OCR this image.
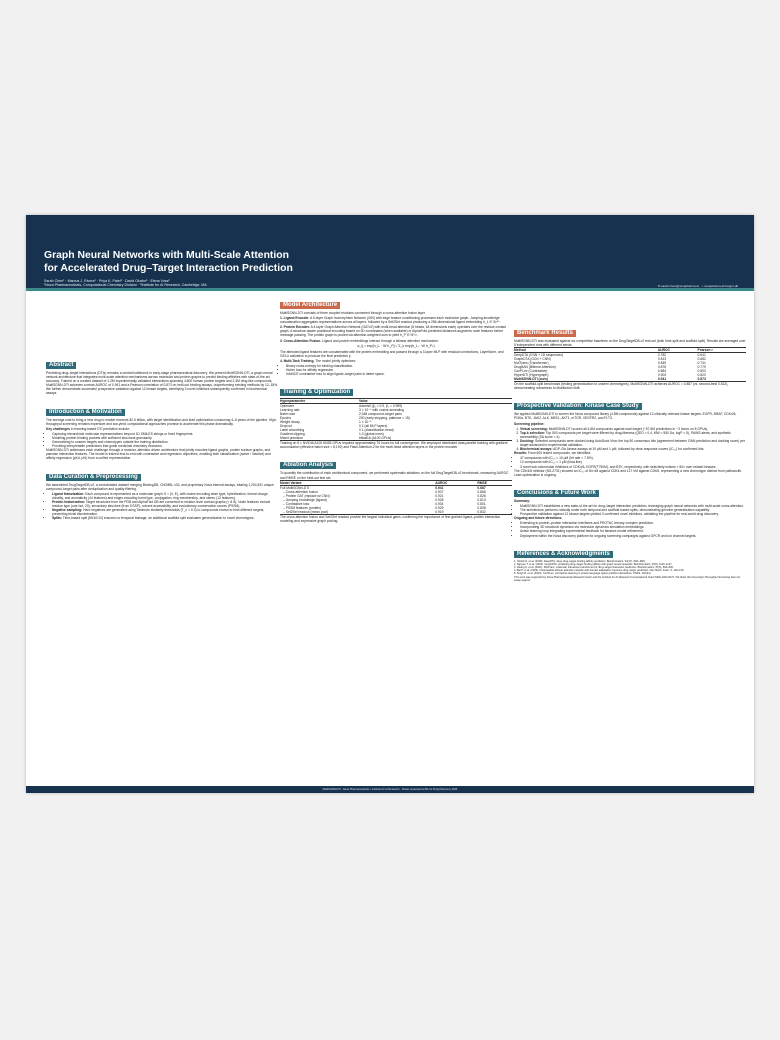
Graph Neural Networks with Multi-Scale Attention
for Accelerated Drug–Target Interaction Prediction
Sarah Chen¹ · Marcus J. Rivera¹ · Priya K. Patel² · David Okafor¹ · Elena Voss²
¹Nova Pharmaceuticals, Computational Chemistry Division · ²Institute for AI Research, Cambridge, MA	✉ sarah.chen@novapharma.ai · ⌂ novapharma.ai/msgnn-dti
Abstract
Predicting drug–target interactions (DTIs) remains a central bottleneck in early-stage pharmaceutical discovery. We present MultiSGNN-DTI, a graph neural network architecture that integrates multi-scale attention mechanisms across molecular and protein graphs to predict binding affinities with state-of-the-art accuracy. Trained on a curated dataset of 1.2M experimentally validated interactions spanning 4,800 human protein targets and 2.3M drug-like compounds, MultiSGNN-DTI achieves a mean AUROC of 0.941 and a Pearson correlation of 0.873 on held-out binding assays, outperforming existing methods by 12–18%. We further demonstrate successful prospective validation against 12 kinase targets, identifying 3 novel inhibitors subsequently confirmed in biochemical assays.
Introduction & Motivation

The average cost to bring a new drug to market exceeds $2.6 billion, with target identification and lead optimization consuming 4–6 years of the pipeline. High-throughput screening remains expensive and low-yield; computational approaches promise to accelerate this phase dramatically.

Key challenges in learning-based DTI prediction include:

• Capturing hierarchical molecular representations beyond 1D SMILES strings or fixed fingerprints.
• Modeling protein binding pockets with sufficient structural granularity.
• Generalizing to unseen targets and chemotypes outside the training distribution.
• Providing interpretable predictions that guide medicinal chemistry decisions.

MultiSGNN-DTI addresses each challenge through a modular, attention-driven architecture that jointly encodes ligand graphs, protein surface graphs, and pairwise interaction features. The model is trained end-to-end with contrastive and regression objectives, enabling both classification (active / inactive) and affinity regression (pKd, pKi) from a unified representation.

Data Curation & Preprocessing

We assembled DrugTargetDB-v2, a consolidated dataset merging BindingDB, ChEMBL v33, and proprietary Nova internal assays, totaling 1,204,531 unique compound–target pairs after deduplication and quality filtering.

• Ligand featurization: Each compound is represented as a molecular graph G = (V, E), with nodes encoding atom type, hybridization, formal charge, chirality, and aromaticity (44 features) and edges encoding bond type, conjugation, ring membership, and stereo (12 features).
• Protein featurization: Target structures from the PDB and AlphaFold DB are converted to residue-level contact graphs (< 8 Å). Node features include residue type (one-hot, 20), secondary structure (from DSSP), solvent accessibility, and evolutionary conservation scores (PSSM).
• Negative sampling: Hard negatives are generated using Tanimoto similarity thresholds (T_c < 0.3) to compounds known to bind different targets, preventing trivial discrimination.
• Splits: Time-based split (80/10/10) ensures no temporal leakage; an additional scaffold split evaluates generalization to novel chemotypes.
Model Architecture

MultiSGNN-DTI consists of three coupled modules connected through a cross-attention fusion layer.

1. Ligand Encoder. A 6-layer Graph Isomorphism Network (GIN) with edge-feature conditioning processes each molecular graph. Jumping-knowledge concatenation aggregates representations across all layers, followed by a Set2Set readout producing a 256-dimensional ligand embedding h_L ∈ ℝ²⁵⁶.

2. Protein Encoder. A 4-layer Graph Attention Network (GATv2) with multi-head attention (8 heads, 64 dimensions each) operates over the residue contact graph. A structure-aware positional encoding based on 3D coordinates (when available) or AlphaFold-predicted distances augments node features before message passing. The protein graph is pooled via attention-weighted sum to yield h_P ∈ ℝ⁵¹².

3. Cross-Attention Fusion. Ligand and protein embeddings interact through a bilinear attention mechanism:

α_ij = exp(h_Lᵢ · W h_Pⱼ) / Σ_k exp(h_Lᵢ · W h_Pₖ)

The attended ligand features are concatenated with the protein embedding and passed through a 3-layer MLP with residual connections, LayerNorm, and GELU activation to produce the final prediction ŷ.

4. Multi-Task Training. The model jointly optimizes:

• Binary cross-entropy for binding classification.
• Huber loss for affinity regression.
• InfoNCE contrastive loss to align ligand–target pairs in latent space.
Training & Optimization
Hyperparameter	Value
Optimizer	AdamW (β₁ = 0.9, β₂ = 0.999)
Learning rate	3 × 10⁻⁴ with cosine annealing
Batch size	2,048 compound–target pairs
Epochs	200 (early stopping, patience = 15)
Weight decay	1 × 10⁻⁵
Dropout	0.2 (all MLP layers)
Label smoothing	0.1 (classification head)
Gradient clipping	1.0 (global norm)
Mixed precision	bfloat16 (A100 GPUs)
Training on 8 × NVIDIA A100 80GB GPUs required approximately 76 hours for full convergence. We employed distributed data-parallel training with gradient accumulation (effective batch size = 8,192) and Flash Attention-2 for the multi-head attention layers in the protein encoder.
Ablation Analysis
To quantify the contribution of each architectural component, we performed systematic ablations on the full DrugTargetDB-v2 benchmark, measuring AUROC and RMSE on the held-out test set.
Model Variant	AUROC	RMSE
Full MultiSGNN-DTI	0.941	0.687
– Cross-attention fusion	0.907	0.868
– Protein GAT (replace w/ CNN)	0.921	0.826
– Jumping knowledge (ligand)	0.928	0.813
– Contrastive loss	0.934	0.801
– PSSM features (protein)	0.929	0.808
– Set2Set readout (mean pool)	0.919	0.832
The cross-attention fusion and Set2Set readout provide the largest individual gains, confirming the importance of fine-grained ligand–protein interaction modeling and expressive graph pooling.
Benchmark Results
MultiSGNN-DTI was evaluated against six competitive baselines on the DrugTargetDB-v2 test set (both time-split and scaffold-split). Results are averaged over 5 independent runs with different seeds.
Method	AUROC	Pearson r
DeepDTA (CNN + 1D sequences)	0.782	0.641
GraphDTA (GCN + CNN)	0.813	0.682
MolTrans (Transformer)	0.849	0.741
DrugBAN (Bilinear Attention)	0.876	0.779
ConPLex (Contrastive)	0.884	0.803
HyperDTI (Hypergraph)	0.903	0.820
MultiSGNN-DTI (ours)	0.941	0.873
On the scaffold-split benchmark (testing generalization to unseen chemotypes), MultiSGNN-DTI achieves AUROC = 0.887 (vs. second-best 0.812), demonstrating robustness to distribution shift.
Prospective Validation: Kinase Case Study

We applied MultiSGNN-DTI to screen the Nova compound library (4.8M compounds) against 12 clinically relevant kinase targets: EGFR, BRAF, CDK4/6, PI3Kα, BTK, JAK2, ALK, MEK1, AKT1, mTOR, VEGFR2, and FLT3.

Screening pipeline:

1. Virtual screening: MultiSGNN-DTI scored all 4.8M compounds against each target (~57.6M predictions in ~3 hours on 8 GPUs).
2. Top-k selection: Top 500 compounds per target were filtered by drug-likeness (QED > 0.4, MW < 550 Da, logP < 5), PAINS alerts, and synthetic accessibility (SA score < 4).
3. Docking: Selected compounds were docked using AutoDock Vina; the top 50 consensus hits (agreement between GNN prediction and docking score) per target advanced to experimental validation.
4. Biochemical assays: ADP-Glo kinase assays at 10 μM and 1 μM, followed by dose-response curves (IC₅₀) for confirmed hits.

Results: From 600 tested compounds, we identified:

• 47 compounds with IC₅₀ < 10 μM (hit rate = 7.8%).
• 12 compounds with IC₅₀ < 1 μM (lead-like).
• 3 novel sub-micromolar inhibitors of CDK4/6, EGFR(T790M), and BTK, respectively, with selectivity indices > 50× over related kinases.

The CDK4/6 inhibitor (NS-2731) showed an IC₅₀ of 84 nM against CDK4 and 127 nM against CDK6, representing a new chemotype distinct from palbociclib. Lead optimization is ongoing.

Conclusions & Future Work

Summary:

• MultiSGNN-DTI establishes a new state-of-the-art for drug–target interaction prediction, leveraging graph neural networks with multi-scale cross-attention.
• The architecture performs robustly under both temporal and scaffold-based splits, demonstrating genuine generalization capability.
• Prospective validation against 12 kinase targets yielded 3 confirmed novel inhibitors, validating the pipeline for real-world drug discovery.

Ongoing and future directions:

• Extending to protein–protein interaction interfaces and PROTAC ternary complex prediction.
• Incorporating 3D structural dynamics via molecular dynamics simulation embeddings.
• Active learning loop integrating experimental feedback for iterative model refinement.
• Deployment within the Nova discovery platform for ongoing screening campaigns against GPCR and ion channel targets.
References & Acknowledgments
1. Öztürk H. et al. (2018). DeepDTA: deep drug–target binding affinity prediction. Bioinformatics, 34(17), i821–i829.
2. Nguyen T. et al. (2021). GraphDTA: predicting drug–target binding affinity with graph neural networks. Bioinformatics, 37(8), 1140–1147.
3. Huang K. et al. (2021). MolTrans: molecular interaction transformer for drug–target interaction prediction. Bioinformatics, 37(6), 830–836.
4. Bai P. et al. (2023). Interpretable bilinear attention network with domain adaptation improves drug–target prediction. Nat. Mach. Intell., 5, 126–136.
5. Singh R. et al. (2023). ConPLex: contrastive learning in protein language space predicts interactions. PNAS, 120(24).
This work was supported by Nova Pharmaceuticals Research Grant and the Institute for AI Research Computational Grant NRG-2024-0471. We thank the Nova High-Throughput Screening team for assay support.
MultiSGNN-DTI · Nova Pharmaceuticals × Institute for AI Research · Poster presented at ML for Drug Discovery 2024
